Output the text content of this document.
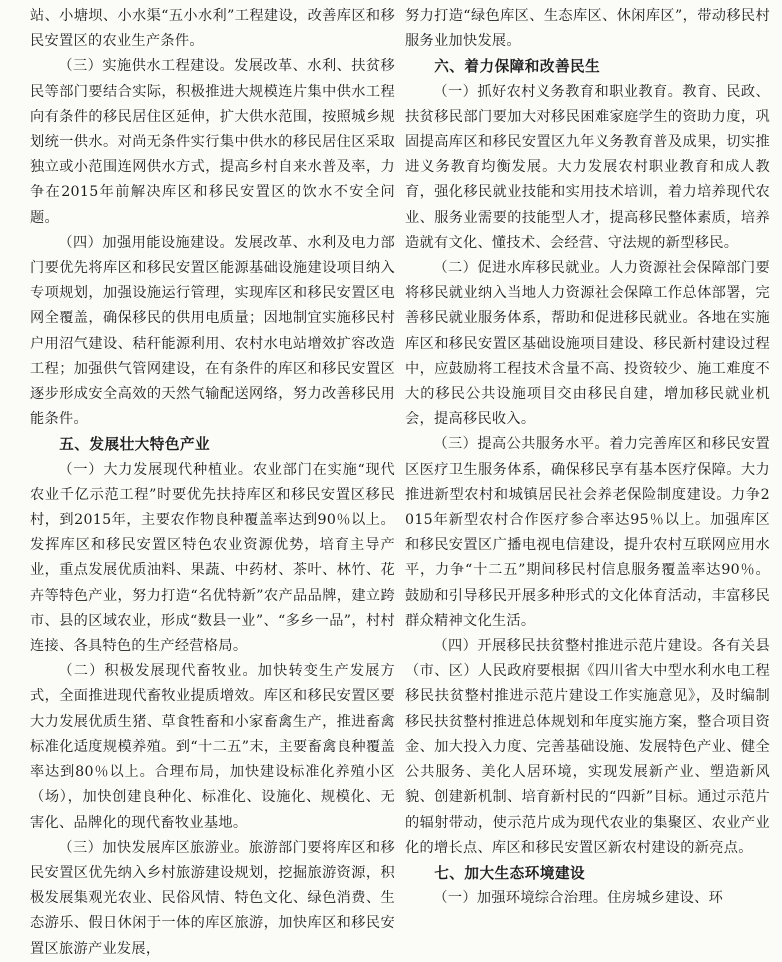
站、小塘坝、小水渠“五小水利”工程建设，改善库区和移民安置区的农业生产条件。

（三）实施供水工程建设。发展改革、水利、扶贫移民等部门要结合实际，积极推进大规模连片集中供水工程向有条件的移民居住区延伸，扩大供水范围，按照城乡规划统一供水。对尚无条件实行集中供水的移民居住区采取独立或小范围连网供水方式，提高乡村自来水普及率，力争在2015年前解决库区和移民安置区的饮水不安全问题。

（四）加强用能设施建设。发展改革、水利及电力部门要优先将库区和移民安置区能源基础设施建设项目纳入专项规划，加强设施运行管理，实现库区和移民安置区电网全覆盖，确保移民的供用电质量；因地制宜实施移民村户用沼气建设、秸秆能源利用、农村水电站增效扩容改造工程；加强供气管网建设，在有条件的库区和移民安置区逐步形成安全高效的天然气输配送网络，努力改善移民用能条件。

五、发展壮大特色产业

（一）大力发展现代种植业。农业部门在实施“现代农业千亿示范工程”时要优先扶持库区和移民安置区移民村，到2015年，主要农作物良种覆盖率达到90％以上。发挥库区和移民安置区特色农业资源优势，培育主导产业，重点发展优质油料、果蔬、中药材、茶叶、林竹、花卉等特色产业，努力打造“名优特新”农产品品牌，建立跨市、县的区域农业，形成“数县一业”、“多乡一品”，村村连接、各具特色的生产经营格局。

（二）积极发展现代畜牧业。加快转变生产发展方式，全面推进现代畜牧业提质增效。库区和移民安置区要大力发展优质生猪、草食牲畜和小家畜禽生产，推进畜禽标准化适度规模养殖。到“十二五”末，主要畜禽良种覆盖率达到80％以上。合理布局，加快建设标准化养殖小区（场），加快创建良种化、标准化、设施化、规模化、无害化、品牌化的现代畜牧业基地。

（三）加快发展库区旅游业。旅游部门要将库区和移民安置区优先纳入乡村旅游建设规划，挖掘旅游资源，积极发展集观光农业、民俗风情、特色文化、绿色消费、生态游乐、假日休闲于一体的库区旅游，加快库区和移民安置区旅游产业发展，

努力打造“绿色库区、生态库区、休闲库区”，带动移民村服务业加快发展。

六、着力保障和改善民生

（一）抓好农村义务教育和职业教育。教育、民政、扶贫移民部门要加大对移民困难家庭学生的资助力度，巩固提高库区和移民安置区九年义务教育普及成果，切实推进义务教育均衡发展。大力发展农村职业教育和成人教育，强化移民就业技能和实用技术培训，着力培养现代农业、服务业需要的技能型人才，提高移民整体素质，培养造就有文化、懂技术、会经营、守法规的新型移民。

（二）促进水库移民就业。人力资源社会保障部门要将移民就业纳入当地人力资源社会保障工作总体部署，完善移民就业服务体系，帮助和促进移民就业。各地在实施库区和移民安置区基础设施项目建设、移民新村建设过程中，应鼓励将工程技术含量不高、投资较少、施工难度不大的移民公共设施项目交由移民自建，增加移民就业机会，提高移民收入。

（三）提高公共服务水平。着力完善库区和移民安置区医疗卫生服务体系，确保移民享有基本医疗保障。大力推进新型农村和城镇居民社会养老保险制度建设。力争2015年新型农村合作医疗参合率达95％以上。加强库区和移民安置区广播电视电信建设，提升农村互联网应用水平，力争“十二五”期间移民村信息服务覆盖率达90％。鼓励和引导移民开展多种形式的文化体育活动，丰富移民群众精神文化生活。

（四）开展移民扶贫整村推进示范片建设。各有关县（市、区）人民政府要根据《四川省大中型水利水电工程移民扶贫整村推进示范片建设工作实施意见》，及时编制移民扶贫整村推进总体规划和年度实施方案，整合项目资金、加大投入力度、完善基础设施、发展特色产业、健全公共服务、美化人居环境，实现发展新产业、塑造新风貌、创建新机制、培育新村民的“四新”目标。通过示范片的辐射带动，使示范片成为现代农业的集聚区、农业产业化的增长点、库区和移民安置区新农村建设的新亮点。

七、加大生态环境建设

（一）加强环境综合治理。住房城乡建设、环
